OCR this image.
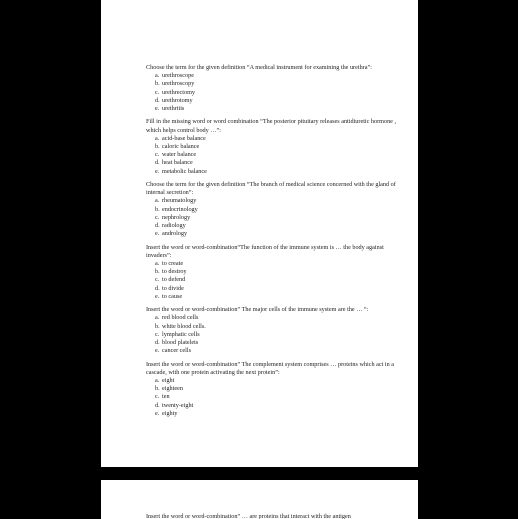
Choose the term for the given definition “A medical instrument for examining the urethra”:

a. urethroscope
b. urethroscopy
c. urethrectomy
d. urethrotomy
e. urethritis

Fill in the missing word or word combination “The posterior pituitary releases antidiuretic hormone , which helps control body …”:

a. acid-base balance
b. caloric balance
c. water balance
d. heat balance
e. metabolic balance

Choose the term for the given definition “The branch of medical science concerned with the gland of internal secretion”:

a. rheumatology
b. endocrinology
c. nephrology
d. radiology
e. andrology

Insert the word or word-combination“The function of the immune system is … the body against invaders”:

a. to create
b. to destroy
c. to defend
d. to divide
e. to cause

Insert the word or word-combination” The major cells of the immune system are the … “:

a. red blood cells
b. white blood cells.
c. lymphatic cells
d. blood platelets
e. cancer cells

Insert the word or word-combination” The complement system comprises … proteins which act in a cascade, with one protein activating the next protein”:

a. eight
b. eighteen
c. ten
d. twenty-eight
e. eighty
Insert the word or word-combination” … are proteins that interact with the antigen
